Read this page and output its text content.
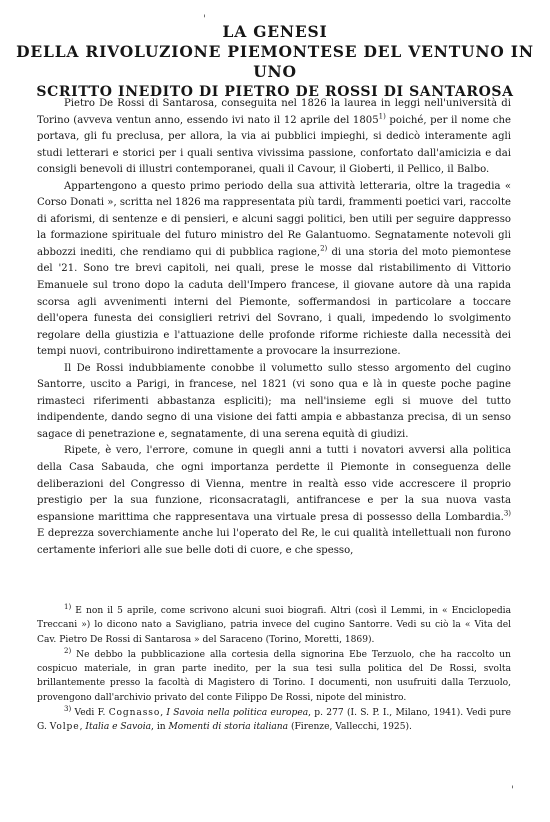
'
LA GENESI
DELLA RIVOLUZIONE PIEMONTESE DEL VENTUNO IN UNO
SCRITTO INEDITO DI PIETRO DE ROSSI DI SANTAROSA

Pietro De Rossi di Santarosa, conseguita nel 1826 la laurea in leggi nell'università di Torino (avveva ventun anno, essendo ivi nato il 12 aprile del 1805$^{1)}$ poiché, per il nome che portava, gli fu preclusa, per allora, la via ai pubblici impieghi, si dedicò interamente agli studi letterari e storici per i quali sentiva vivissima passione, confortato dall'amicizia e dai consigli benevoli di illustri contemporanei, quali il Cavour, il Gioberti, il Pellico, il Balbo.

Appartengono a questo primo periodo della sua attività letteraria, oltre la tragedia « Corso Donati », scritta nel 1826 ma rappresentata più tardi, frammenti poetici vari, raccolte di aforismi, di sentenze e di pensieri, e alcuni saggi politici, ben utili per seguire dappresso la formazione spirituale del futuro ministro del Re Galantuomo. Segnatamente notevoli gli abbozzi inediti, che rendiamo qui di pubblica ragione,$^{2)}$ di una storia del moto piemontese del '21. Sono tre brevi capitoli, nei quali, prese le mosse dal ristabilimento di Vittorio Emanuele sul trono dopo la caduta dell'Impero francese, il giovane autore dà una rapida scorsa agli avvenimenti interni del Piemonte, soffermandosi in particolare a toccare dell'opera funesta dei consiglieri retrivi del Sovrano, i quali, impedendo lo svolgimento regolare della giustizia e l'attuazione delle profonde riforme richieste dalla necessità dei tempi nuovi, contribuirono indirettamente a provocare la insurrezione.

Il De Rossi indubbiamente conobbe il volumetto sullo stesso argomento del cugino Santorre, uscito a Parigi, in francese, nel 1821 (vi sono qua e là in queste poche pagine rimasteci riferimenti abbastanza espliciti); ma nell'insieme egli si muove del tutto indipendente, dando segno di una visione dei fatti ampia e abbastanza precisa, di un senso sagace di penetrazione e, segnatamente, di una serena equità di giudizi.

Ripete, è vero, l'errore, comune in quegli anni a tutti i novatori avversi alla politica della Casa Sabauda, che ogni importanza perdette il Piemonte in conseguenza delle deliberazioni del Congresso di Vienna, mentre in realtà esso vide accrescere il proprio prestigio per la sua funzione, riconsacratagli, antifrancese e per la sua nuova vasta espansione marittima che rappresentava una virtuale presa di possesso della Lombardia.$^{3)}$ E deprezza soverchiamente anche lui l'operato del Re, le cui qualità intellettuali non furono certamente inferiori alle sue belle doti di cuore, e che spesso,

$^{1)}$ E non il 5 aprile, come scrivono alcuni suoi biografi. Altri (così il Lemmi, in « Enciclopedia Treccani ») lo dicono nato a Savigliano, patria invece del cugino Santorre. Vedi su ciò la « Vita del Cav. Pietro De Rossi di Santarosa » del Saraceno (Torino, Moretti, 1869).

$^{2)}$ Ne debbo la pubblicazione alla cortesia della signorina Ebe Terzuolo, che ha raccolto un cospicuo materiale, in gran parte inedito, per la sua tesi sulla politica del De Rossi, svolta brillantemente presso la facoltà di Magistero di Torino. I documenti, non usufruiti dalla Terzuolo, provengono dall'archivio privato del conte Filippo De Rossi, nipote del ministro.

$^{3)}$ Vedi F. Cognasso, I Savoia nella politica europea, p. 277 (I. S. P. I., Milano, 1941). Vedi pure G. Volpe, Italia e Savoia, in Momenti di storia italiana (Firenze, Vallecchi, 1925).

'
